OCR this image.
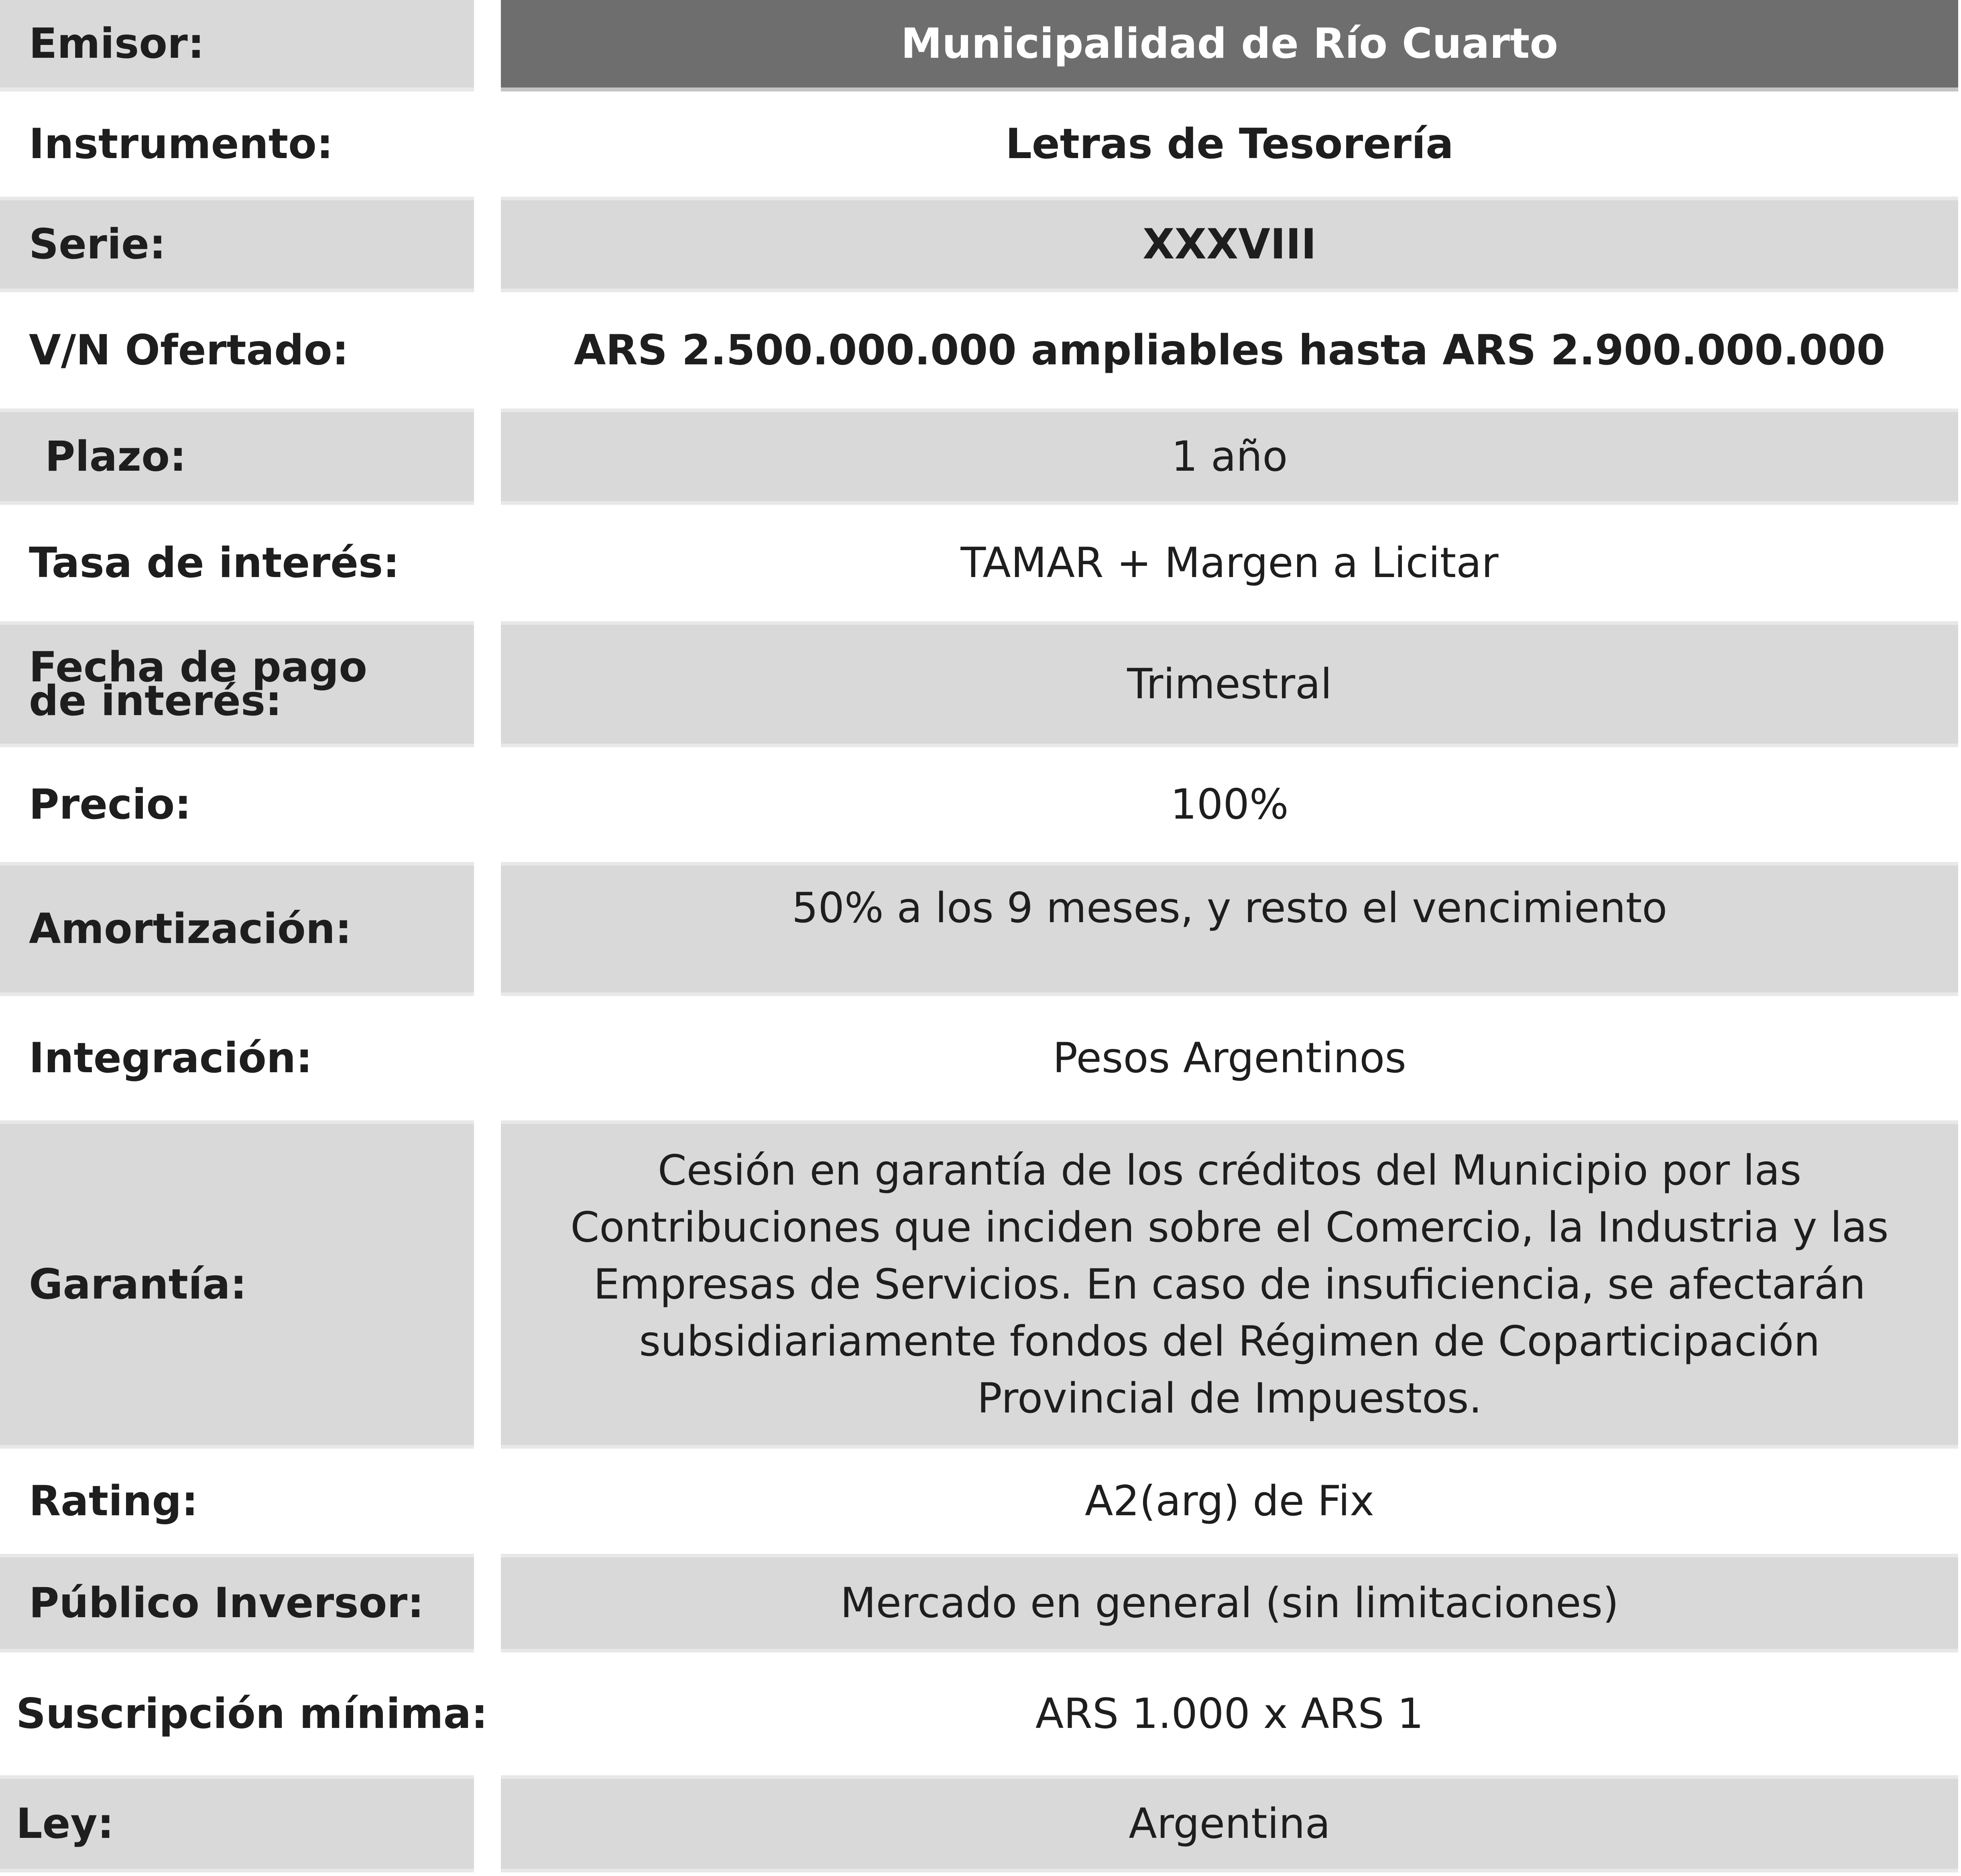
Emisor:	Municipalidad de Río Cuarto
Instrumento:	Letras de Tesorería
Serie:	XXXVIII
V/N Ofertado:	ARS 2.500.000.000 ampliables hasta ARS 2.900.000.000
Plazo:	1 año
Tasa de interés:	TAMAR + Margen a Licitar
Fecha de pago
de interés:	Trimestral
Precio:	100%
Amortización:	50% a los 9 meses, y resto el vencimiento
Integración:	Pesos Argentinos
Garantía:
Cesión en garantía de los créditos del Municipio por las
Contribuciones que inciden sobre el Comercio, la Industria y las
Empresas de Servicios. En caso de insuficiencia, se afectarán
subsidiariamente fondos del Régimen de Coparticipación
Provincial de Impuestos.
Rating:	A2(arg) de Fix
Público Inversor:	Mercado en general (sin limitaciones)
Suscripción mínima:	ARS 1.000 x ARS 1
Ley:	Argentina
